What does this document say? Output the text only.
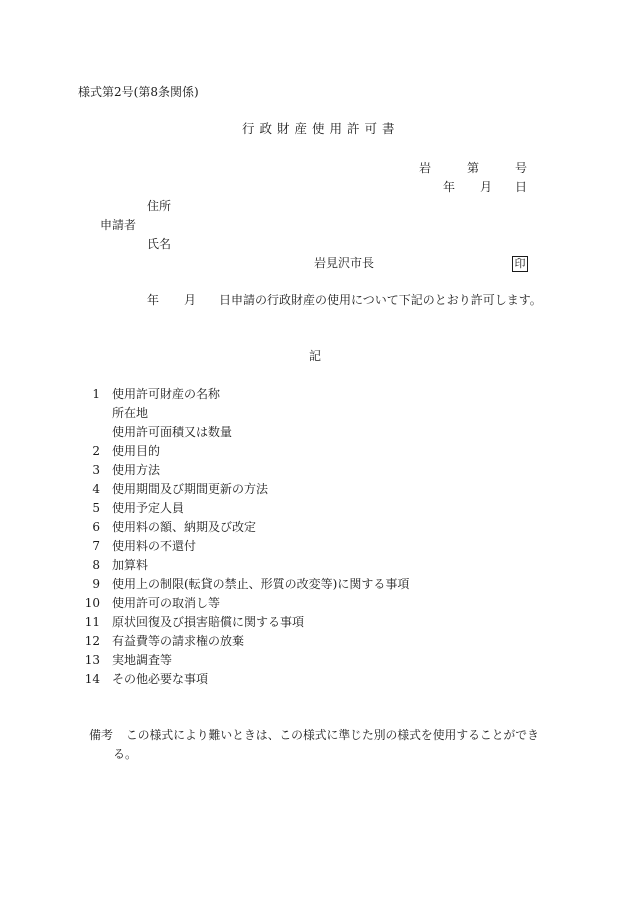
様式第2号(第8条関係)
行政財産使用許可書
岩	第	号
年 月 日
住所
申請者
氏名
岩見沢市長	印
年 月 日申請の行政財産の使用について下記のとおり許可します。
記
1 使用許可財産の名称
所在地
使用許可面積又は数量
2 使用目的
3 使用方法
4 使用期間及び期間更新の方法
5 使用予定人員
6 使用料の額、納期及び改定
7 使用料の不還付
8 加算料
9 使用上の制限(転貸の禁止、形質の改変等)に関する事項
10 使用許可の取消し等
11 原状回復及び損害賠償に関する事項
12 有益費等の請求権の放棄
13 実地調査等
14 その他必要な事項
備考 この様式により難いときは、この様式に準じた別の様式を使用することができ
る。
